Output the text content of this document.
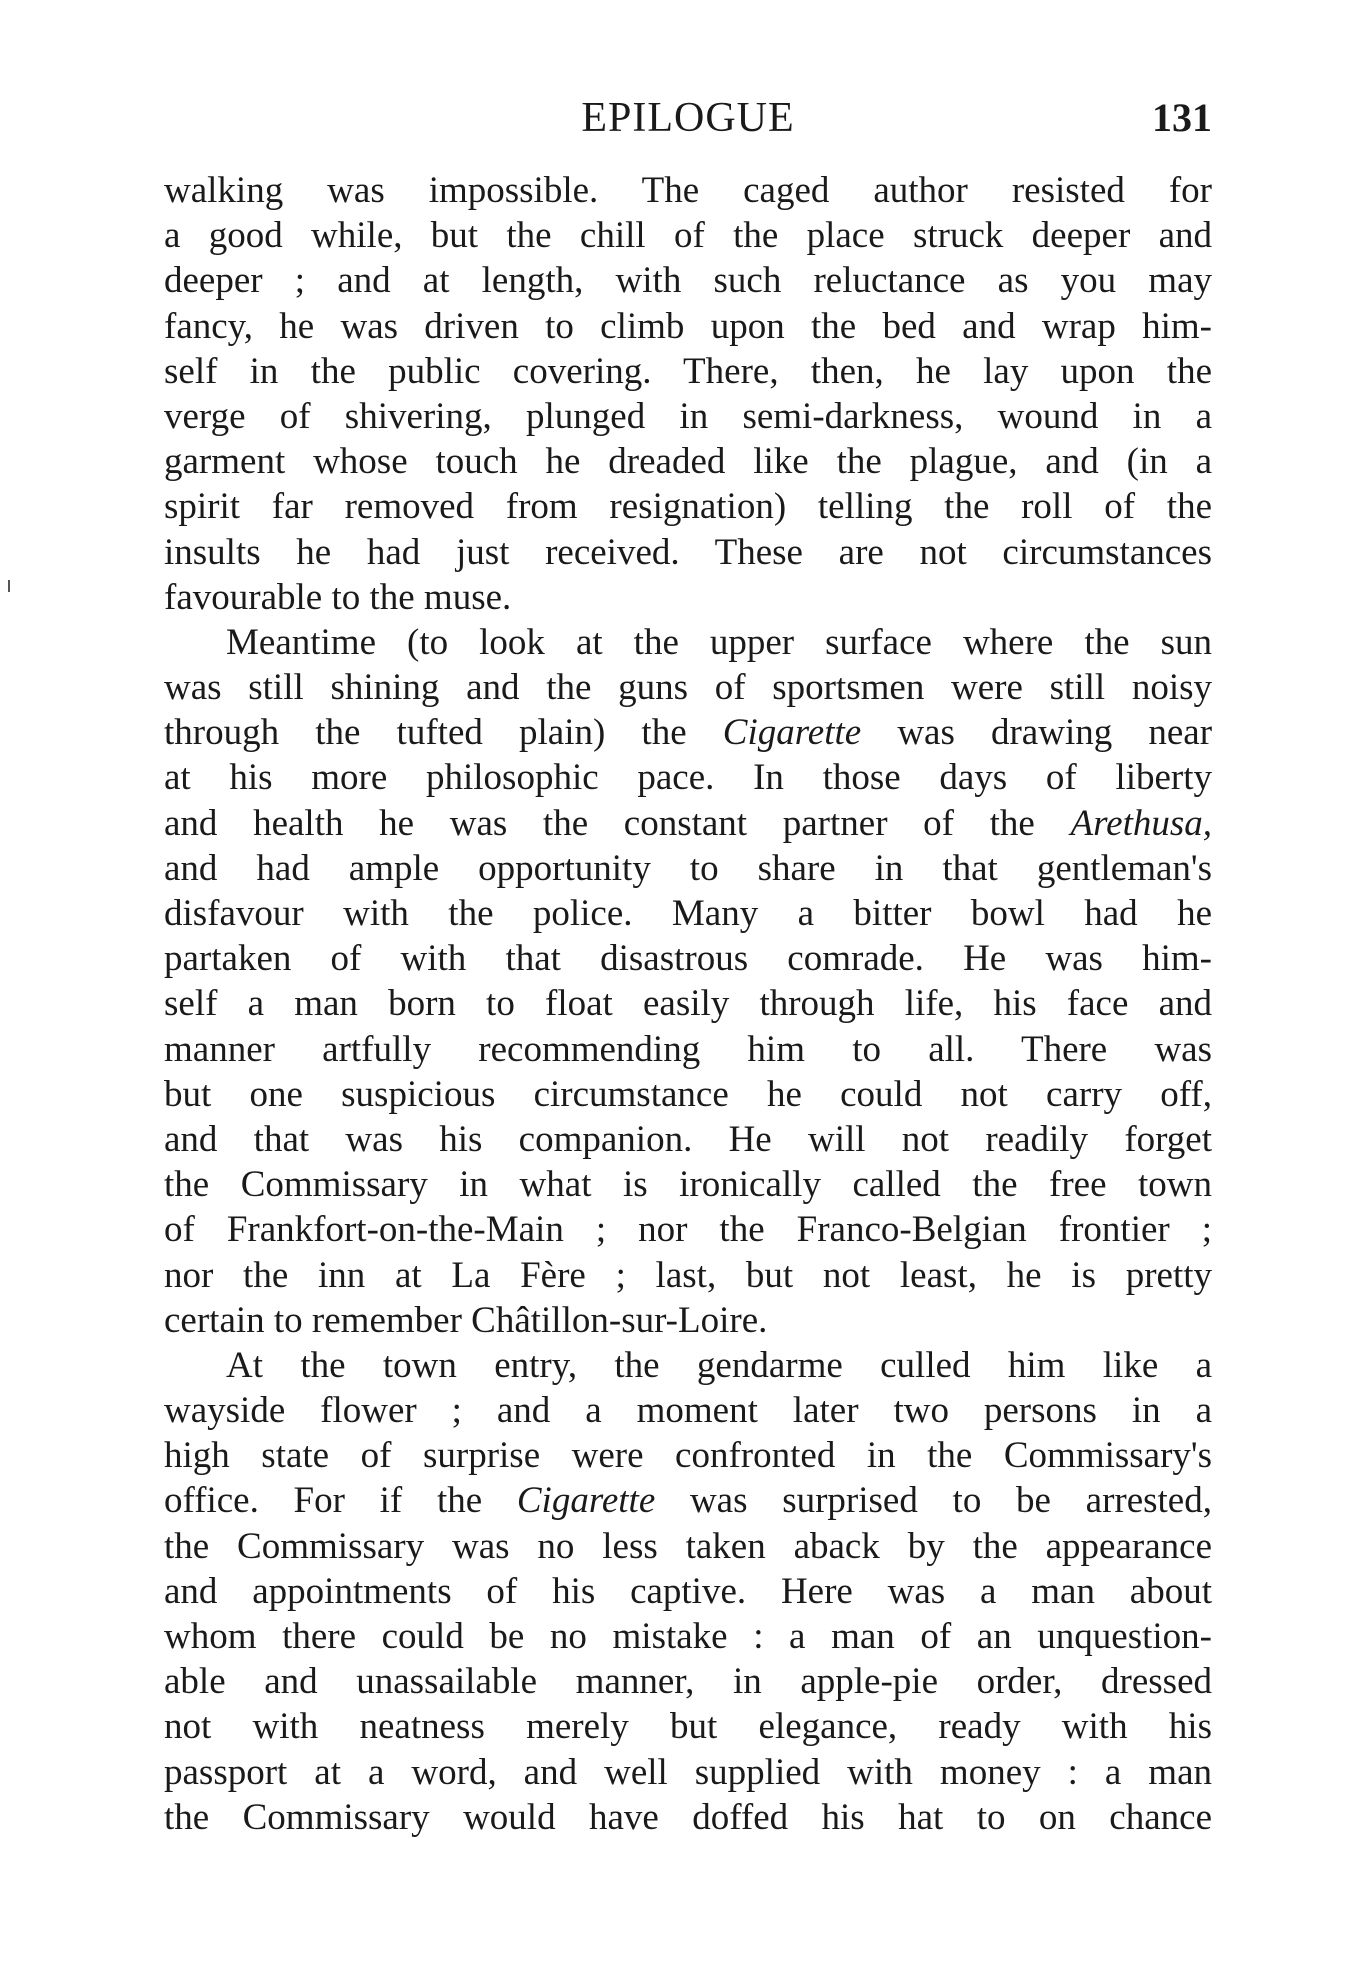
EPILOGUE	131
walking was impossible. The caged author resisted for
a good while, but the chill of the place struck deeper and
deeper ; and at length, with such reluctance as you may
fancy, he was driven to climb upon the bed and wrap him-
self in the public covering. There, then, he lay upon the
verge of shivering, plunged in semi-darkness, wound in a
garment whose touch he dreaded like the plague, and (in a
spirit far removed from resignation) telling the roll of the
insults he had just received. These are not circumstances
favourable to the muse.
Meantime (to look at the upper surface where the sun
was still shining and the guns of sportsmen were still noisy
through the tufted plain) the Cigarette was drawing near
at his more philosophic pace. In those days of liberty
and health he was the constant partner of the Arethusa,
and had ample opportunity to share in that gentleman's
disfavour with the police. Many a bitter bowl had he
partaken of with that disastrous comrade. He was him-
self a man born to float easily through life, his face and
manner artfully recommending him to all. There was
but one suspicious circumstance he could not carry off,
and that was his companion. He will not readily forget
the Commissary in what is ironically called the free town
of Frankfort-on-the-Main ; nor the Franco-Belgian frontier ;
nor the inn at La Fère ; last, but not least, he is pretty
certain to remember Châtillon-sur-Loire.
At the town entry, the gendarme culled him like a
wayside flower ; and a moment later two persons in a
high state of surprise were confronted in the Commissary's
office. For if the Cigarette was surprised to be arrested,
the Commissary was no less taken aback by the appearance
and appointments of his captive. Here was a man about
whom there could be no mistake : a man of an unquestion-
able and unassailable manner, in apple-pie order, dressed
not with neatness merely but elegance, ready with his
passport at a word, and well supplied with money : a man
the Commissary would have doffed his hat to on chance
